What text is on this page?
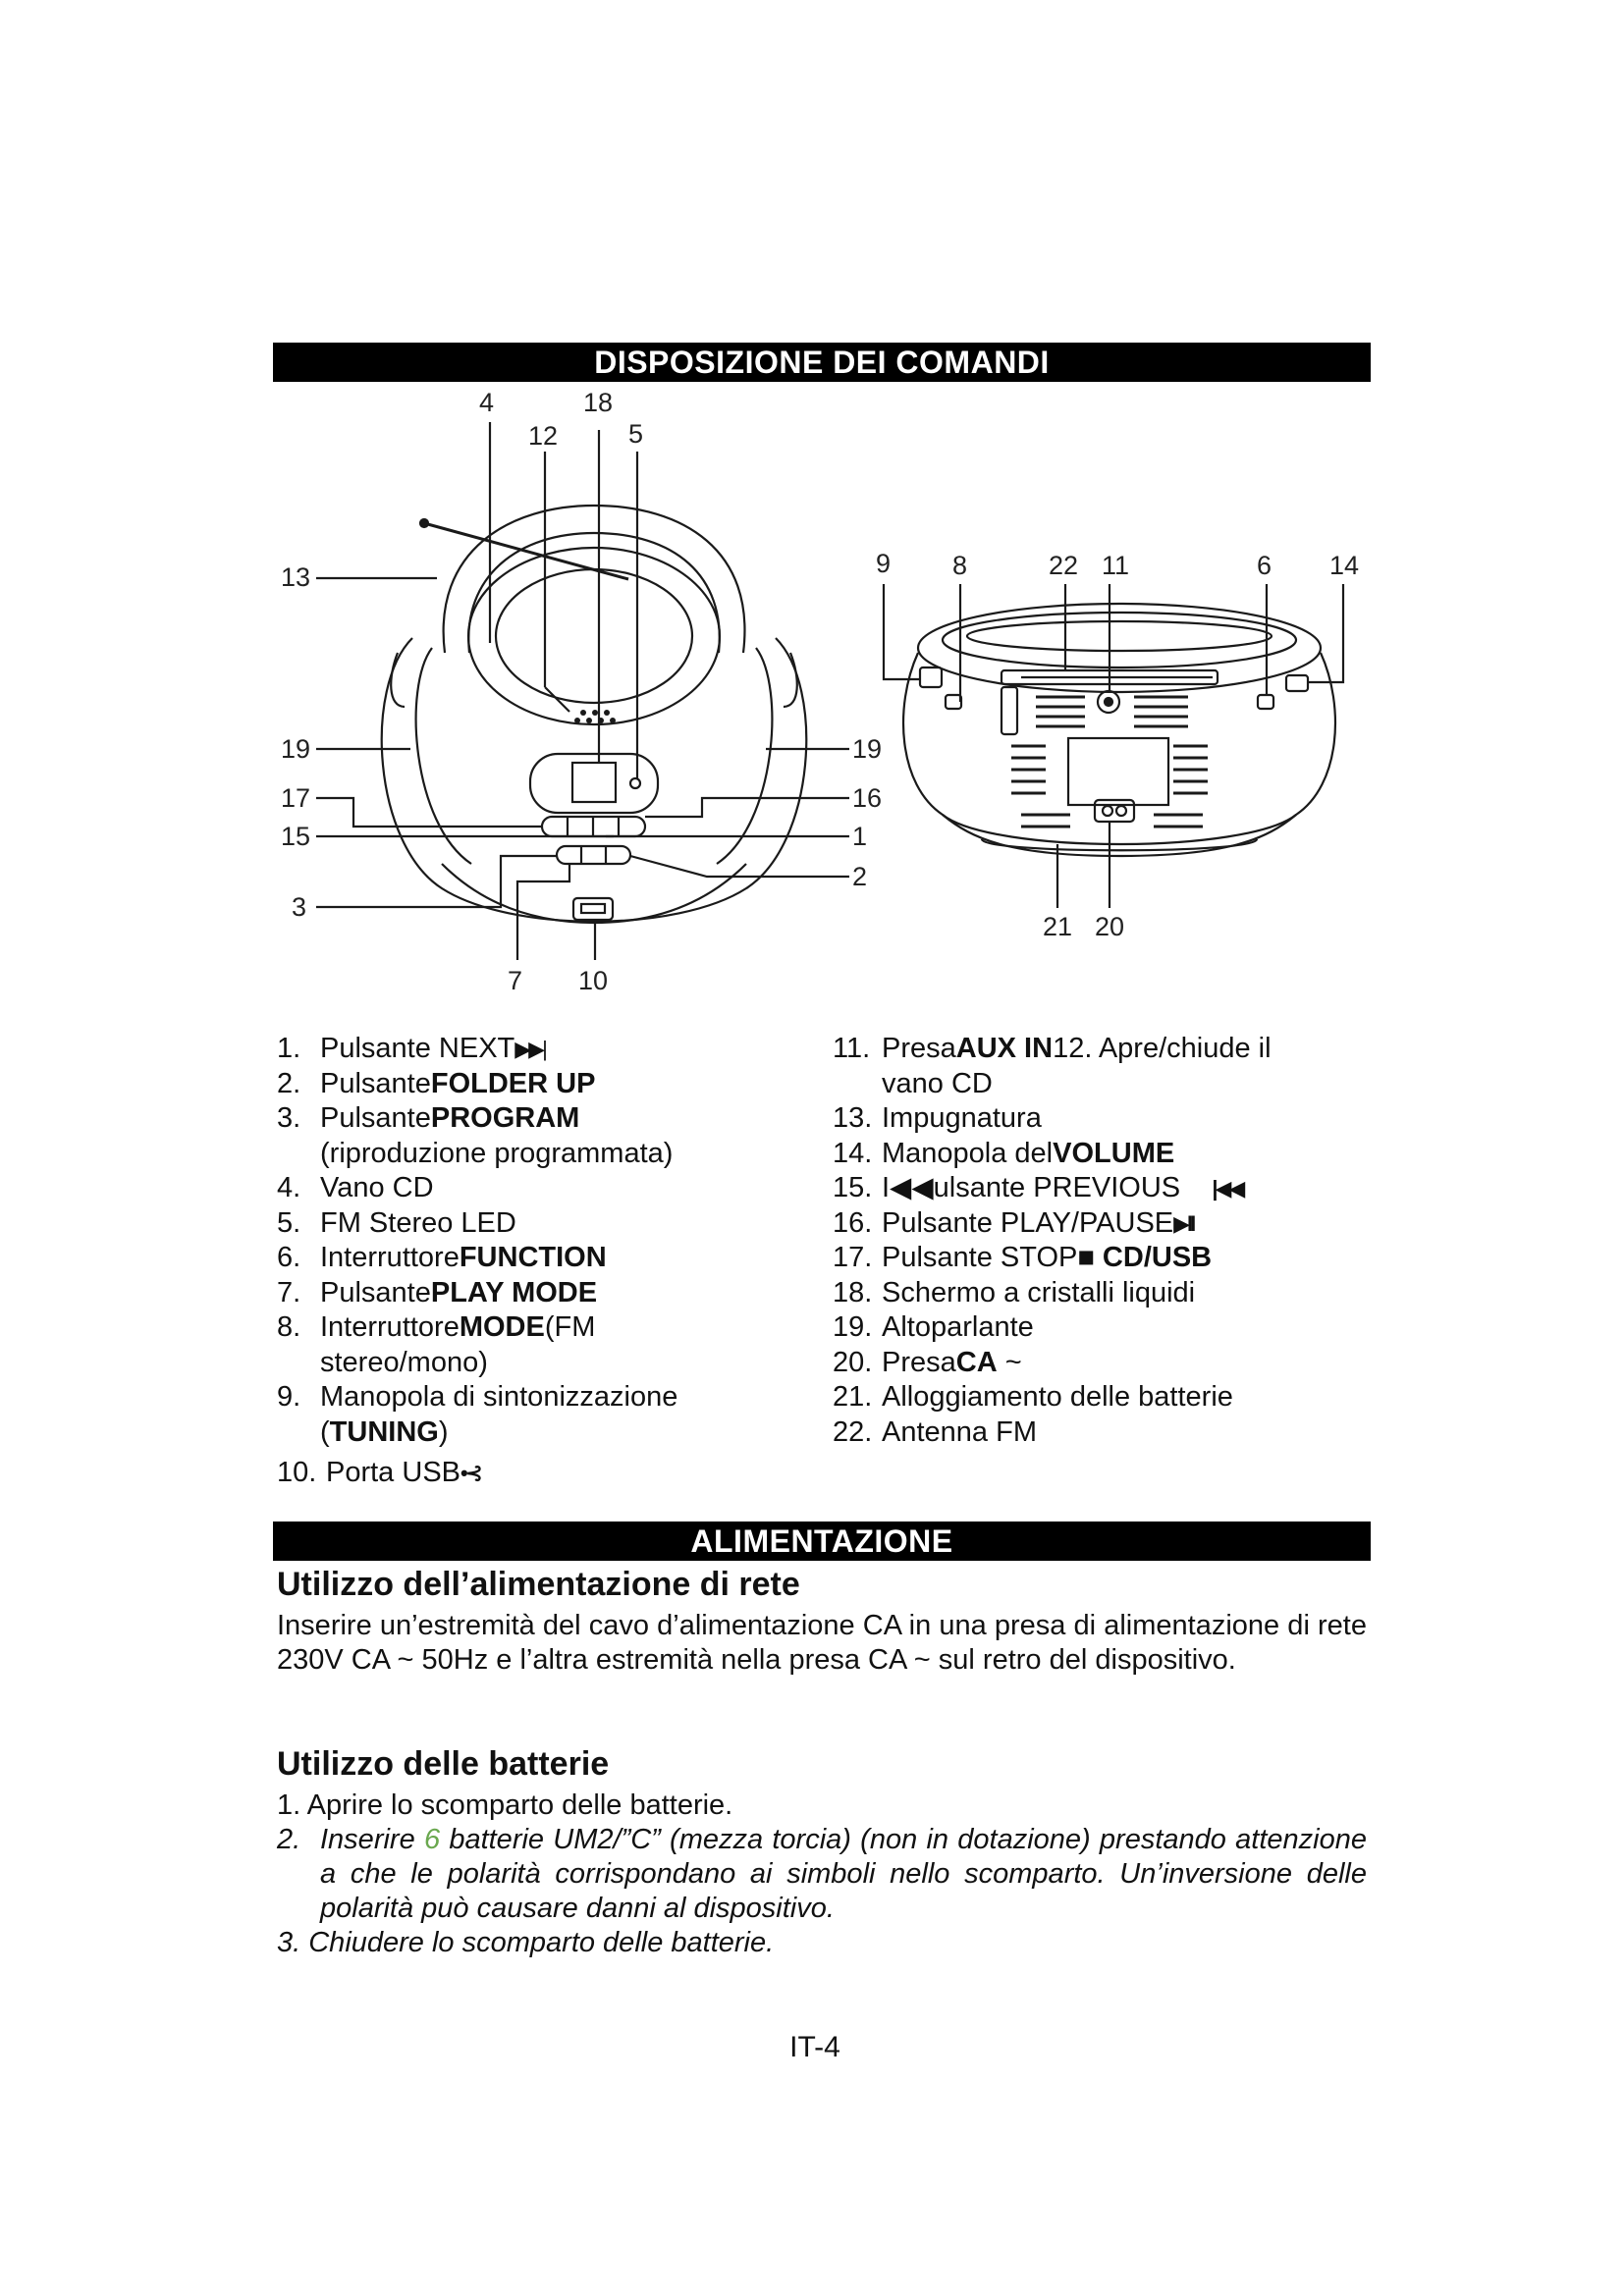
DISPOSIZIONE DEI COMANDI
4	18
12	5
13
19
17
15
3
7 10
19
16
1
2
9 8	22 11	6 14
21 20
1. Pulsante NEXT ▶▶|
2. Pulsante FOLDER UP
3. Pulsante PROGRAM
(riproduzione programmata)
4. Vano CD
5. FM Stereo LED
6. Interruttore FUNCTION
7. Pulsante PLAY MODE
8. Interruttore MODE (FM
stereo/mono)
9. Manopola di sintonizzazione
( TUNING )
10. Porta USB •⊰
11. Presa AUX IN 12. Apre/chiude il
vano CD
13. Impugnatura
14. Manopola del VOLUME
15. I◀◀ulsante PREVIOUS |◀◀
16. Pulsante PLAY/PAUSE ▶II
17. Pulsante STOP ■ CD/USB
18. Schermo a cristalli liquidi
19. Altoparlante
20. Presa CA ~
21. Alloggiamento delle batterie
22. Antenna FM
ALIMENTAZIONE
Utilizzo dell’alimentazione di rete
Inserire un’estremità del cavo d’alimentazione CA in una presa di alimentazione di rete 230V CA ~ 50Hz e l’altra estremità nella presa CA ~ sul retro del dispositivo.
Utilizzo delle batterie
1. Aprire lo scomparto delle batterie.
2. Inserire 6 batterie UM2/”C” (mezza torcia) (non in dotazione) prestando attenzione a che le polarità corrispondano ai simboli nello scomparto. Un’inversione delle polarità può causare danni al dispositivo.
3. Chiudere lo scomparto delle batterie.
IT-4
